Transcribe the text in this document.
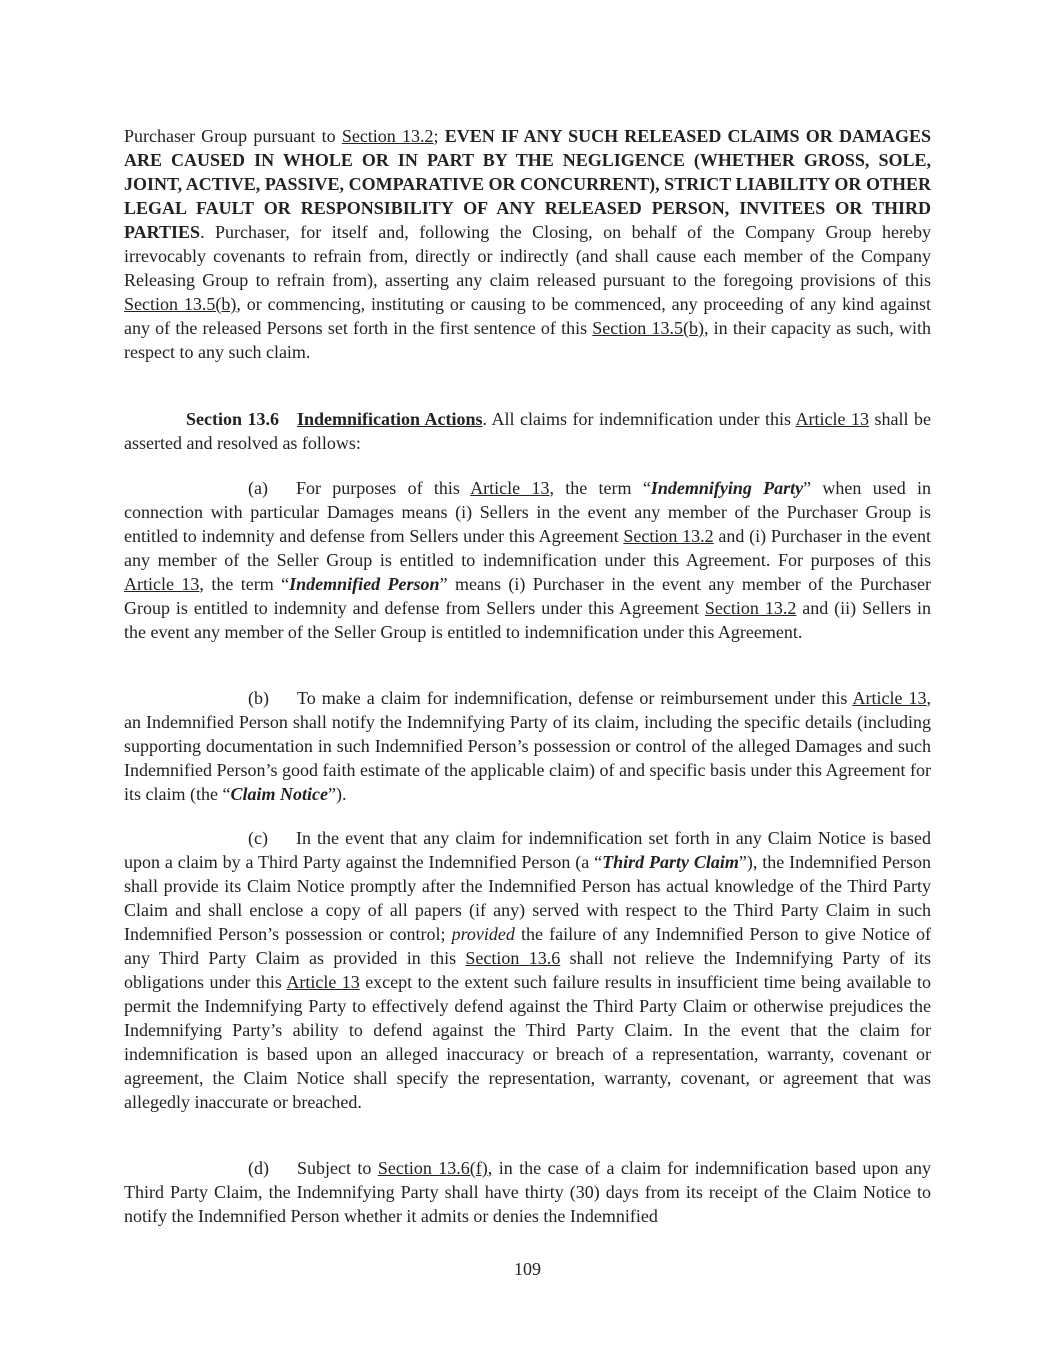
Purchaser Group pursuant to Section 13.2; EVEN IF ANY SUCH RELEASED CLAIMS OR DAMAGES ARE CAUSED IN WHOLE OR IN PART BY THE NEGLIGENCE (WHETHER GROSS, SOLE, JOINT, ACTIVE, PASSIVE, COMPARATIVE OR CONCURRENT), STRICT LIABILITY OR OTHER LEGAL FAULT OR RESPONSIBILITY OF ANY RELEASED PERSON, INVITEES OR THIRD PARTIES. Purchaser, for itself and, following the Closing, on behalf of the Company Group hereby irrevocably covenants to refrain from, directly or indirectly (and shall cause each member of the Company Releasing Group to refrain from), asserting any claim released pursuant to the foregoing provisions of this Section 13.5(b), or commencing, instituting or causing to be commenced, any proceeding of any kind against any of the released Persons set forth in the first sentence of this Section 13.5(b), in their capacity as such, with respect to any such claim.

Section 13.6 Indemnification Actions. All claims for indemnification under this Article 13 shall be asserted and resolved as follows:

(a) For purposes of this Article 13, the term “Indemnifying Party” when used in connection with particular Damages means (i) Sellers in the event any member of the Purchaser Group is entitled to indemnity and defense from Sellers under this Agreement Section 13.2 and (i) Purchaser in the event any member of the Seller Group is entitled to indemnification under this Agreement. For purposes of this Article 13, the term “Indemnified Person” means (i) Purchaser in the event any member of the Purchaser Group is entitled to indemnity and defense from Sellers under this Agreement Section 13.2 and (ii) Sellers in the event any member of the Seller Group is entitled to indemnification under this Agreement.

(b) To make a claim for indemnification, defense or reimbursement under this Article 13, an Indemnified Person shall notify the Indemnifying Party of its claim, including the specific details (including supporting documentation in such Indemnified Person’s possession or control of the alleged Damages and such Indemnified Person’s good faith estimate of the applicable claim) of and specific basis under this Agreement for its claim (the “Claim Notice”).

(c) In the event that any claim for indemnification set forth in any Claim Notice is based upon a claim by a Third Party against the Indemnified Person (a “Third Party Claim”), the Indemnified Person shall provide its Claim Notice promptly after the Indemnified Person has actual knowledge of the Third Party Claim and shall enclose a copy of all papers (if any) served with respect to the Third Party Claim in such Indemnified Person’s possession or control; provided the failure of any Indemnified Person to give Notice of any Third Party Claim as provided in this Section 13.6 shall not relieve the Indemnifying Party of its obligations under this Article 13 except to the extent such failure results in insufficient time being available to permit the Indemnifying Party to effectively defend against the Third Party Claim or otherwise prejudices the Indemnifying Party’s ability to defend against the Third Party Claim. In the event that the claim for indemnification is based upon an alleged inaccuracy or breach of a representation, warranty, covenant or agreement, the Claim Notice shall specify the representation, warranty, covenant, or agreement that was allegedly inaccurate or breached.

(d) Subject to Section 13.6(f), in the case of a claim for indemnification based upon any Third Party Claim, the Indemnifying Party shall have thirty (30) days from its receipt of the Claim Notice to notify the Indemnified Person whether it admits or denies the Indemnified

109
